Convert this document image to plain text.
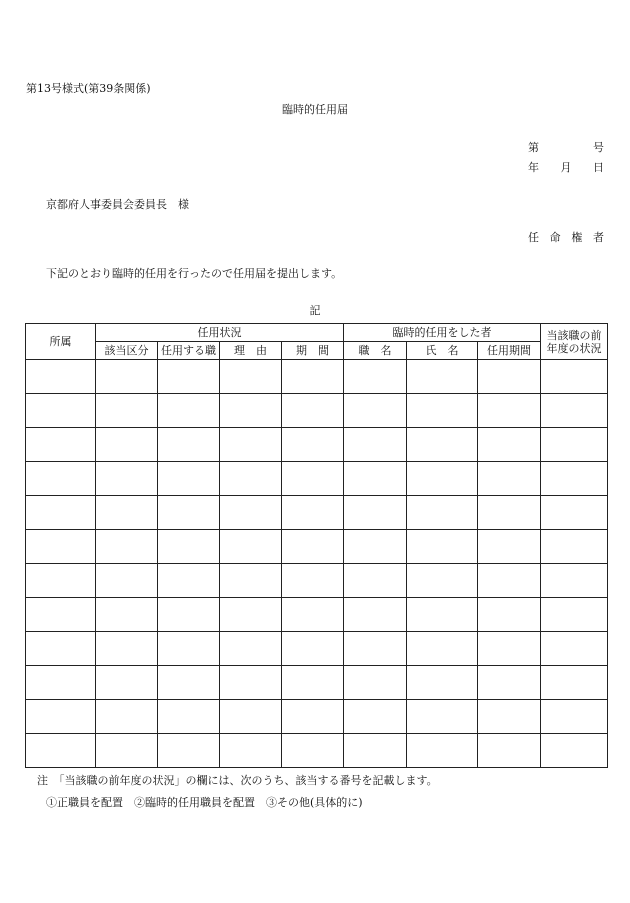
第13号様式(第39条関係)
臨時的任用届
第	号
年 月 日
京都府人事委員会委員長　様
任 命 権 者
下記のとおり臨時的任用を行ったので任用届を提出します。
記
所属	任用状況				臨時的任用をした者			当該職の前年度の状況
	該当区分	任用する職	理　由	期　間	職　名	氏　名	任用期間	

注　「当該職の前年度の状況」の欄には、次のうち、該当する番号を記載します。
①正職員を配置　②臨時的任用職員を配置　③その他(具体的に)
